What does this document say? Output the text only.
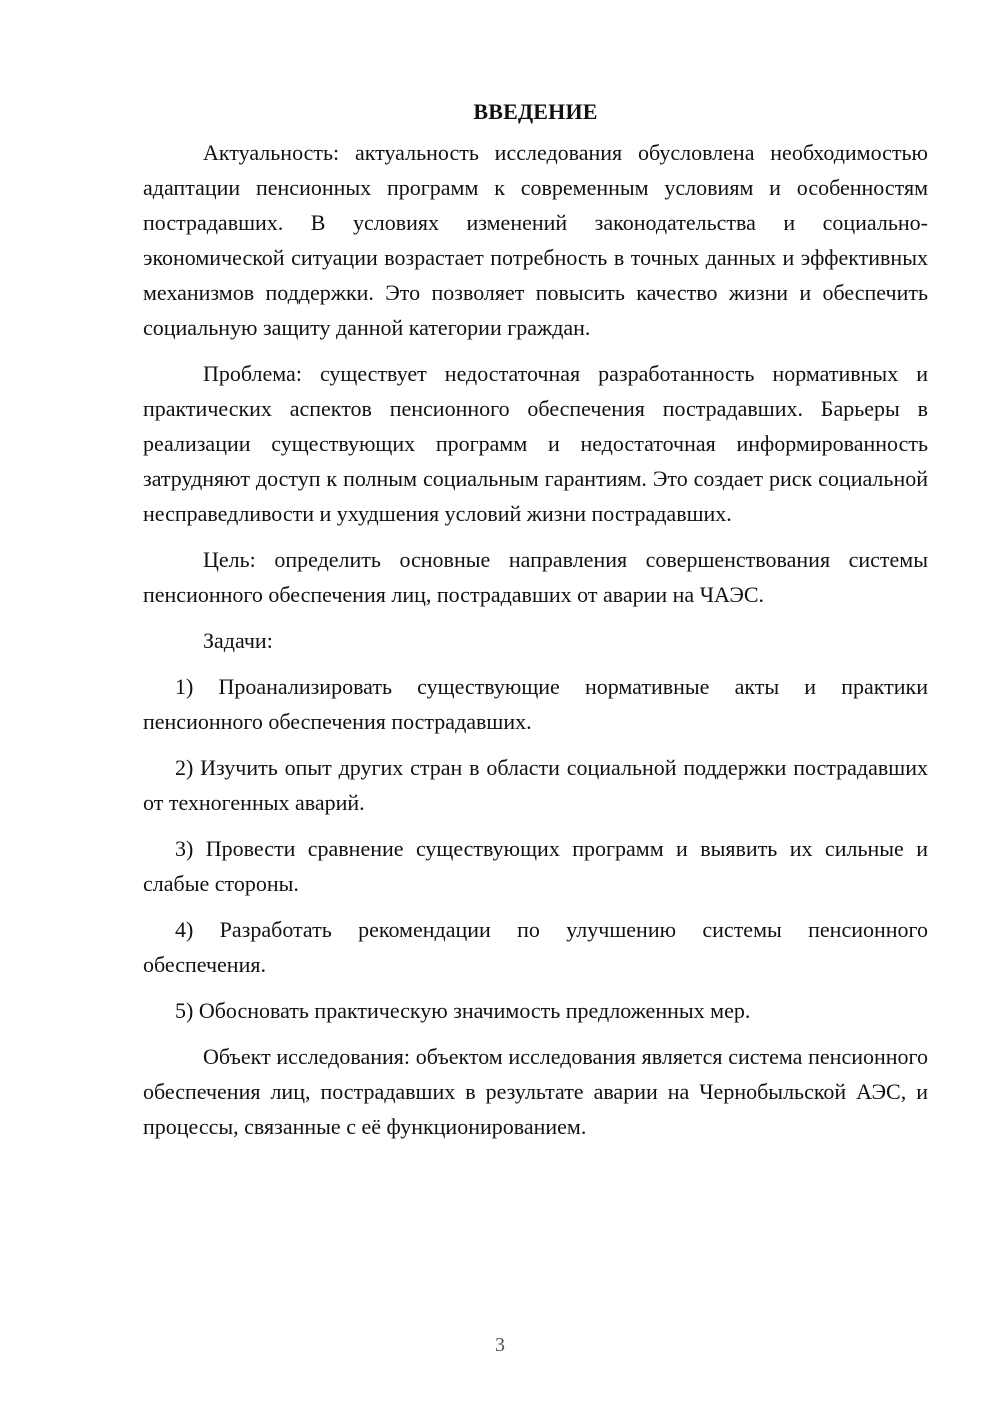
ВВЕДЕНИЕ

Актуальность: актуальность исследования обусловлена необходимостью адаптации пенсионных программ к современным условиям и особенностям пострадавших. В условиях изменений законодательства и социально-экономической ситуации возрастает потребность в точных данных и эффективных механизмов поддержки. Это позволяет повысить качество жизни и обеспечить социальную защиту данной категории граждан.

Проблема: существует недостаточная разработанность нормативных и практических аспектов пенсионного обеспечения пострадавших. Барьеры в реализации существующих программ и недостаточная информированность затрудняют доступ к полным социальным гарантиям. Это создает риск социальной несправедливости и ухудшения условий жизни пострадавших.

Цель: определить основные направления совершенствования системы пенсионного обеспечения лиц, пострадавших от аварии на ЧАЭС.

Задачи:

1) Проанализировать существующие нормативные акты и практики пенсионного обеспечения пострадавших.

2) Изучить опыт других стран в области социальной поддержки пострадавших от техногенных аварий.

3) Провести сравнение существующих программ и выявить их сильные и слабые стороны.

4) Разработать рекомендации по улучшению системы пенсионного обеспечения.

5) Обосновать практическую значимость предложенных мер.

Объект исследования: объектом исследования является система пенсионного обеспечения лиц, пострадавших в результате аварии на Чернобыльской АЭС, и процессы, связанные с её функционированием.

3
